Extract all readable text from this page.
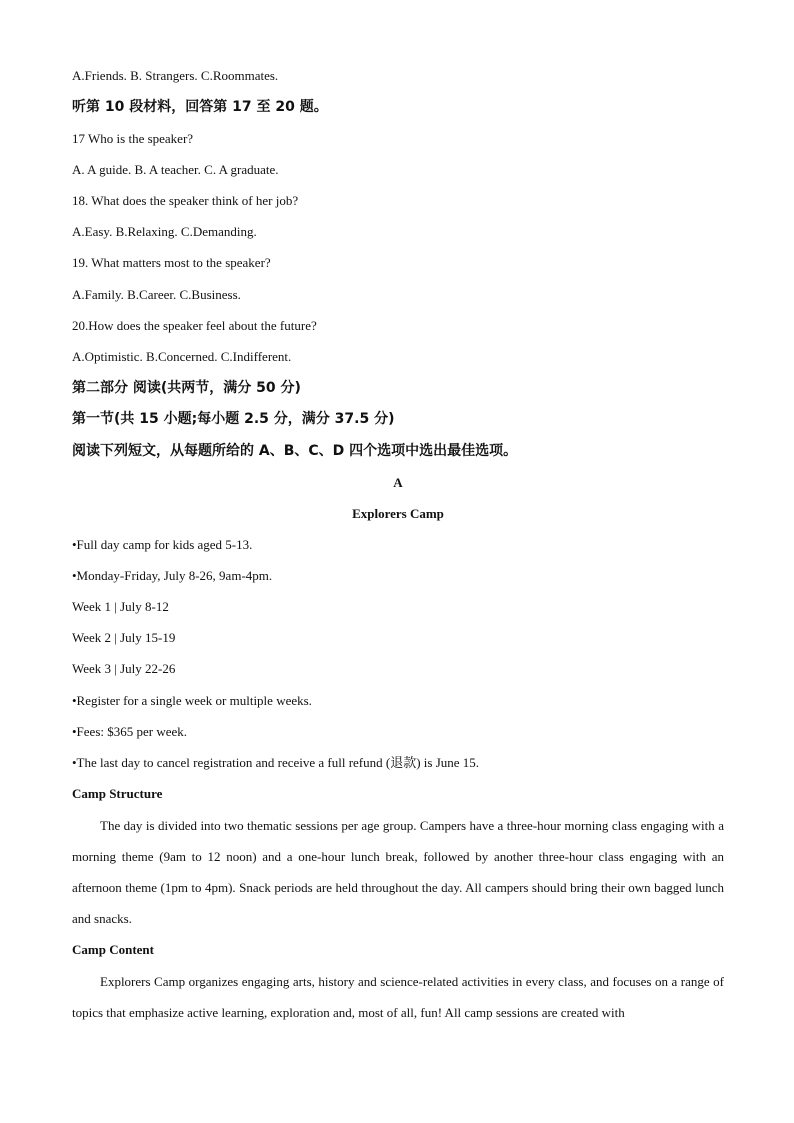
A.Friends. B. Strangers. C.Roommates.
听第 10 段材料，回答第 17 至 20 题。
17 Who is the speaker?
A. A guide. B. A teacher. C. A graduate.
18. What does the speaker think of her job?
A.Easy. B.Relaxing. C.Demanding.
19. What matters most to the speaker?
A.Family. B.Career. C.Business.
20.How does the speaker feel about the future?
A.Optimistic. B.Concerned. C.Indifferent.
第二部分 阅读(共两节，满分 50 分)
第一节(共 15 小题;每小题 2.5 分，满分 37.5 分)
阅读下列短文，从每题所给的 A、B、C、D 四个选项中选出最佳选项。
A
Explorers Camp
•Full day camp for kids aged 5-13.
•Monday-Friday, July 8-26, 9am-4pm.
Week 1 | July 8-12
Week 2 | July 15-19
Week 3 | July 22-26
•Register for a single week or multiple weeks.
•Fees: $365 per week.
•The last day to cancel registration and receive a full refund (退款) is June 15.
Camp Structure
The day is divided into two thematic sessions per age group. Campers have a three-hour morning class engaging with a morning theme (9am to 12 noon) and a one-hour lunch break, followed by another three-hour class engaging with an afternoon theme (1pm to 4pm). Snack periods are held throughout the day. All campers should bring their own bagged lunch and snacks.
Camp Content
Explorers Camp organizes engaging arts, history and science-related activities in every class, and focuses on a range of topics that emphasize active learning, exploration and, most of all, fun! All camp sessions are created with
